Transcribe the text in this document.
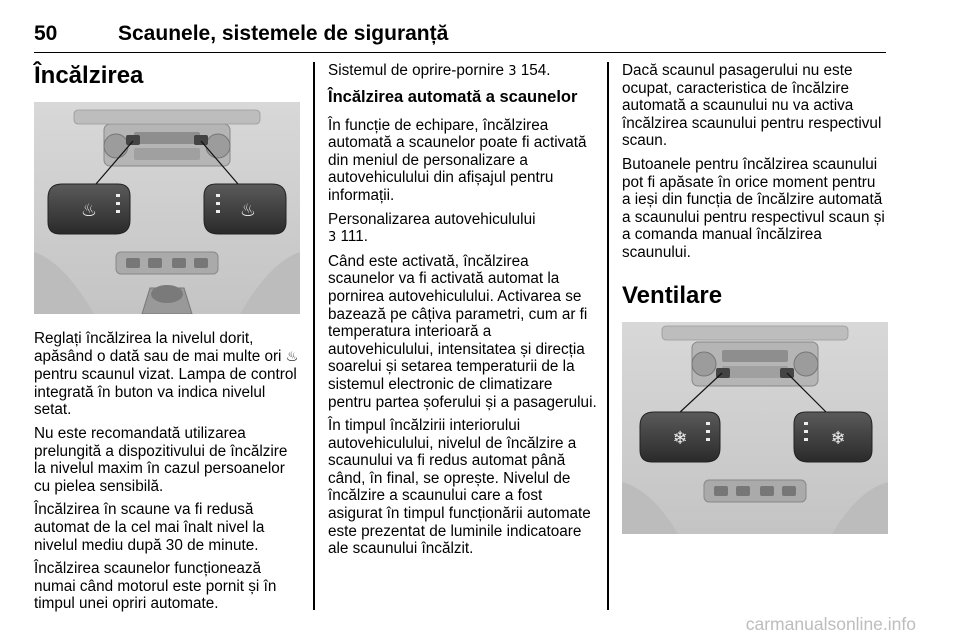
50	Scaunele, sistemele de siguranță
Încălzirea
♨	♨

Reglați încălzirea la nivelul dorit, apăsând o dată sau de mai multe ori ♨ pentru scaunul vizat. Lampa de control integrată în buton va indica nivelul setat.

Nu este recomandată utilizarea prelungită a dispozitivului de încălzire la nivelul maxim în cazul persoanelor cu pielea sensibilă.

Încălzirea în scaune va fi redusă automat de la cel mai înalt nivel la nivelul mediu după 30 de minute.

Încălzirea scaunelor funcționează numai când motorul este pornit și în timpul unei opriri automate.

Sistemul de oprire-pornire 3 154.

Încălzirea automată a scaunelor

În funcție de echipare, încălzirea automată a scaunelor poate fi activată din meniul de personalizare a autovehiculului din afișajul pentru informații.

Personalizarea autovehiculului
3 111.

Când este activată, încălzirea scaunelor va fi activată automat la pornirea autovehiculului. Activarea se bazează pe câțiva parametri, cum ar fi temperatura interioară a autovehiculului, intensitatea și direcția soarelui și setarea temperaturii de la sistemul electronic de climatizare pentru partea șoferului și a pasagerului.

În timpul încălzirii interiorului autovehiculului, nivelul de încălzire a scaunului va fi redus automat până când, în final, se oprește. Nivelul de încălzire a scaunului care a fost asigurat în timpul funcționării automate este prezentat de luminile indicatoare ale scaunului încălzit.

Dacă scaunul pasagerului nu este ocupat, caracteristica de încălzire automată a scaunului nu va activa încălzirea scaunului pentru respectivul scaun.

Butoanele pentru încălzirea scaunului pot fi apăsate în orice moment pentru a ieși din funcția de încălzire automată a scaunului pentru respectivul scaun și a comanda manual încălzirea scaunului.

Ventilare
❄	❄
carmanualsonline.info
